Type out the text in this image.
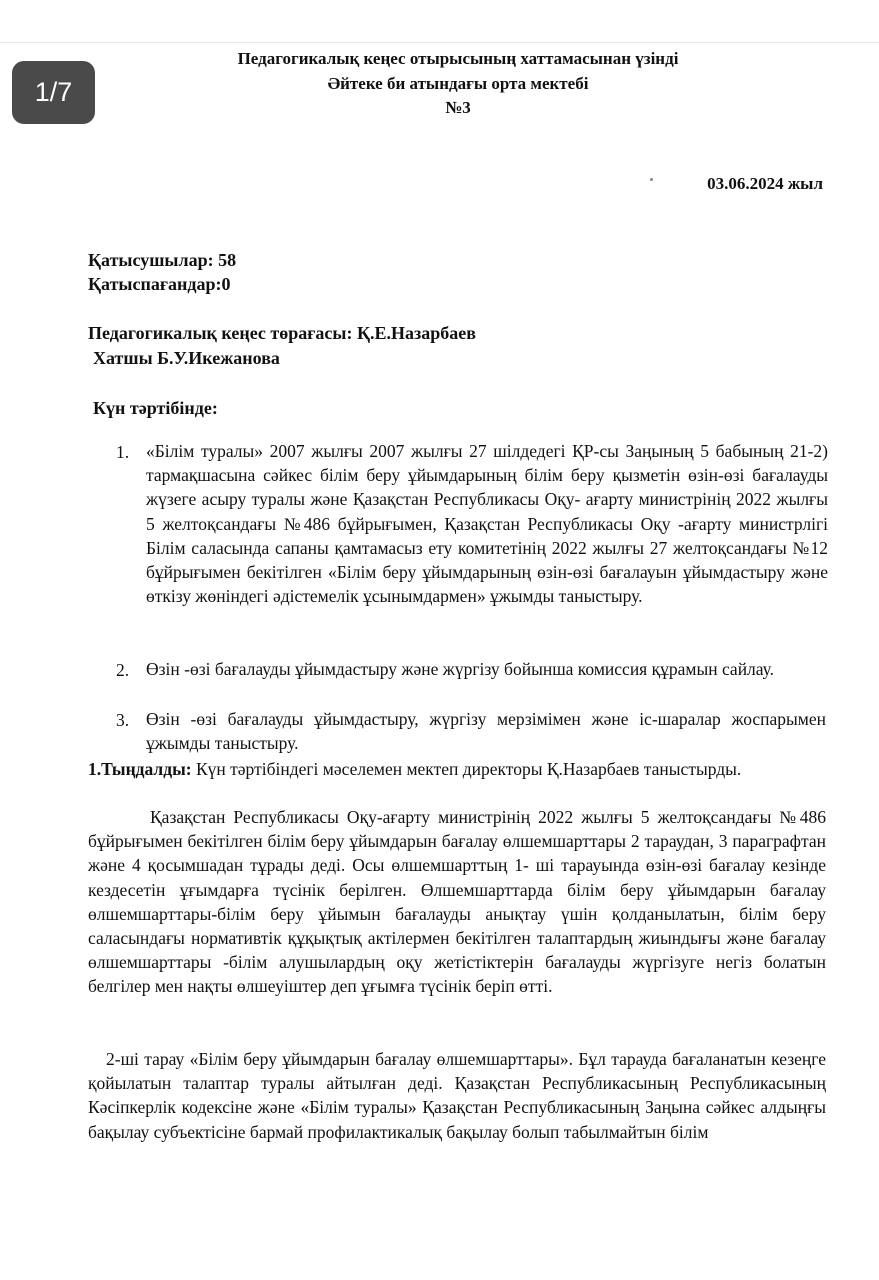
1/7
Педагогикалық кеңес отырысының хаттамасынан үзінді
Әйтеке би атындағы орта мектебі
№3
03.06.2024 жыл
Қатысушылар: 58
Қатыспағандар:0
Педагогикалық кеңес төрағасы: Қ.Е.Назарбаев
Хатшы Б.У.Икежанова
Күн тәртібінде:
1. «Білім туралы» 2007 жылғы 2007 жылғы 27 шілдедегі ҚР-сы Заңының 5 бабының 21-2) тармақшасына сәйкес білім беру ұйымдарының білім беру қызметін өзін-өзі бағалауды жүзеге асыру туралы және Қазақстан Республикасы Оқу- ағарту министрінің 2022 жылғы 5 желтоқсандағы №486 бұйрығымен, Қазақстан Республикасы Оқу -ағарту министрлігі Білім саласында сапаны қамтамасыз ету комитетінің 2022 жылғы 27 желтоқсандағы №12 бұйрығымен бекітілген «Білім беру ұйымдарының өзін-өзі бағалауын ұйымдастыру және өткізу жөніндегі әдістемелік ұсынымдармен» ұжымды таныстыру.
2. Өзін -өзі бағалауды ұйымдастыру және жүргізу бойынша комиссия құрамын сайлау.
3. Өзін -өзі бағалауды ұйымдастыру, жүргізу мерзімімен және іс-шаралар жоспарымен ұжымды таныстыру.
1.Тыңдалды: Күн тәртібіндегі мәселемен мектеп директоры Қ.Назарбаев таныстырды.
Қазақстан Республикасы Оқу-ағарту министрінің 2022 жылғы 5 желтоқсандағы №486 бұйрығымен бекітілген білім беру ұйымдарын бағалау өлшемшарттары 2 тараудан, 3 параграфтан және 4 қосымшадан тұрады деді. Осы өлшемшарттың 1- ші тарауында өзін-өзі бағалау кезінде кездесетін ұғымдарға түсінік берілген. Өлшемшарттарда білім беру ұйымдарын бағалау өлшемшарттары-білім беру ұйымын бағалауды анықтау үшін қолданылатын, білім беру саласындағы нормативтік құқықтық актілермен бекітілген талаптардың жиындығы және бағалау өлшемшарттары -білім алушылардың оқу жетістіктерін бағалауды жүргізуге негіз болатын белгілер мен нақты өлшеуіштер деп ұғымға түсінік беріп өтті.
2-ші тарау «Білім беру ұйымдарын бағалау өлшемшарттары». Бұл тарауда бағаланатын кезеңге қойылатын талаптар туралы айтылған деді. Қазақстан Республикасының Республикасының Кәсіпкерлік кодексіне және «Білім туралы» Қазақстан Республикасының Заңына сәйкес алдыңғы бақылау субъектісіне бармай профилактикалық бақылау болып табылмайтын білім
